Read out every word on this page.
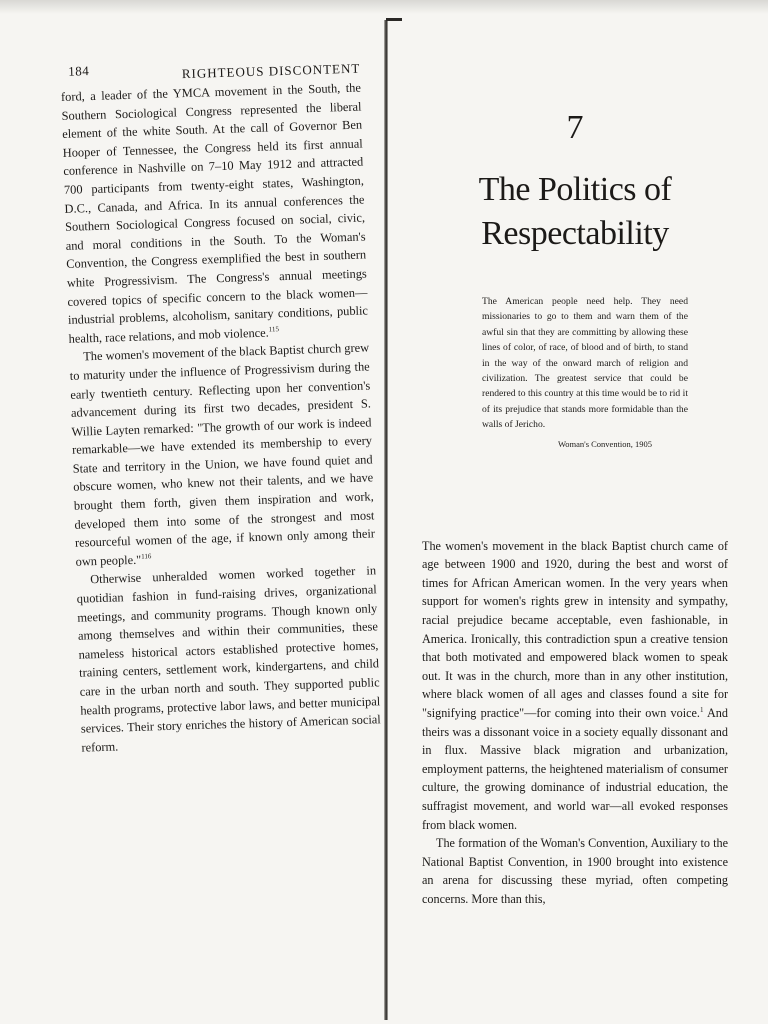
184	RIGHTEOUS DISCONTENT

ford, a leader of the YMCA movement in the South, the Southern Sociological Congress represented the liberal element of the white South. At the call of Governor Ben Hooper of Tennessee, the Congress held its first annual conference in Nashville on 7–10 May 1912 and attracted 700 participants from twenty-eight states, Washington, D.C., Canada, and Africa. In its annual conferences the Southern Sociological Congress focused on social, civic, and moral conditions in the South. To the Woman's Convention, the Congress exemplified the best in southern white Progressivism. The Congress's annual meetings covered topics of specific concern to the black women—industrial problems, alcoholism, sanitary conditions, public health, race relations, and mob violence.$^{115}$

The women's movement of the black Baptist church grew to maturity under the influence of Progressivism during the early twentieth century. Reflecting upon her convention's advancement during its first two decades, president S. Willie Layten remarked: "The growth of our work is indeed remarkable—we have extended its membership to every State and territory in the Union, we have found quiet and obscure women, who knew not their talents, and we have brought them forth, given them inspiration and work, developed them into some of the strongest and most resourceful women of the age, if known only among their own people."$^{116}$

Otherwise unheralded women worked together in quotidian fashion in fund-raising drives, organizational meetings, and community programs. Though known only among themselves and within their communities, these nameless historical actors established protective homes, training centers, settlement work, kindergartens, and child care in the urban north and south. They supported public health programs, protective labor laws, and better municipal services. Their story enriches the history of American social reform.

7
The Politics of
Respectability
The American people need help. They need missionaries to go to them and warn them of the awful sin that they are committing by allowing these lines of color, of race, of blood and of birth, to stand in the way of the onward march of religion and civilization. The greatest service that could be rendered to this country at this time would be to rid it of its prejudice that stands more formidable than the walls of Jericho.
Woman's Convention, 1905

The women's movement in the black Baptist church came of age between 1900 and 1920, during the best and worst of times for African American women. In the very years when support for women's rights grew in intensity and sympathy, racial prejudice became acceptable, even fashionable, in America. Ironically, this contradiction spun a creative tension that both motivated and empowered black women to speak out. It was in the church, more than in any other institution, where black women of all ages and classes found a site for "signifying practice"—for coming into their own voice.$^1$ And theirs was a dissonant voice in a society equally dissonant and in flux. Massive black migration and urbanization, employment patterns, the heightened materialism of consumer culture, the growing dominance of industrial education, the suffragist movement, and world war—all evoked responses from black women.

The formation of the Woman's Convention, Auxiliary to the National Baptist Convention, in 1900 brought into existence an arena for discussing these myriad, often competing concerns. More than this,
